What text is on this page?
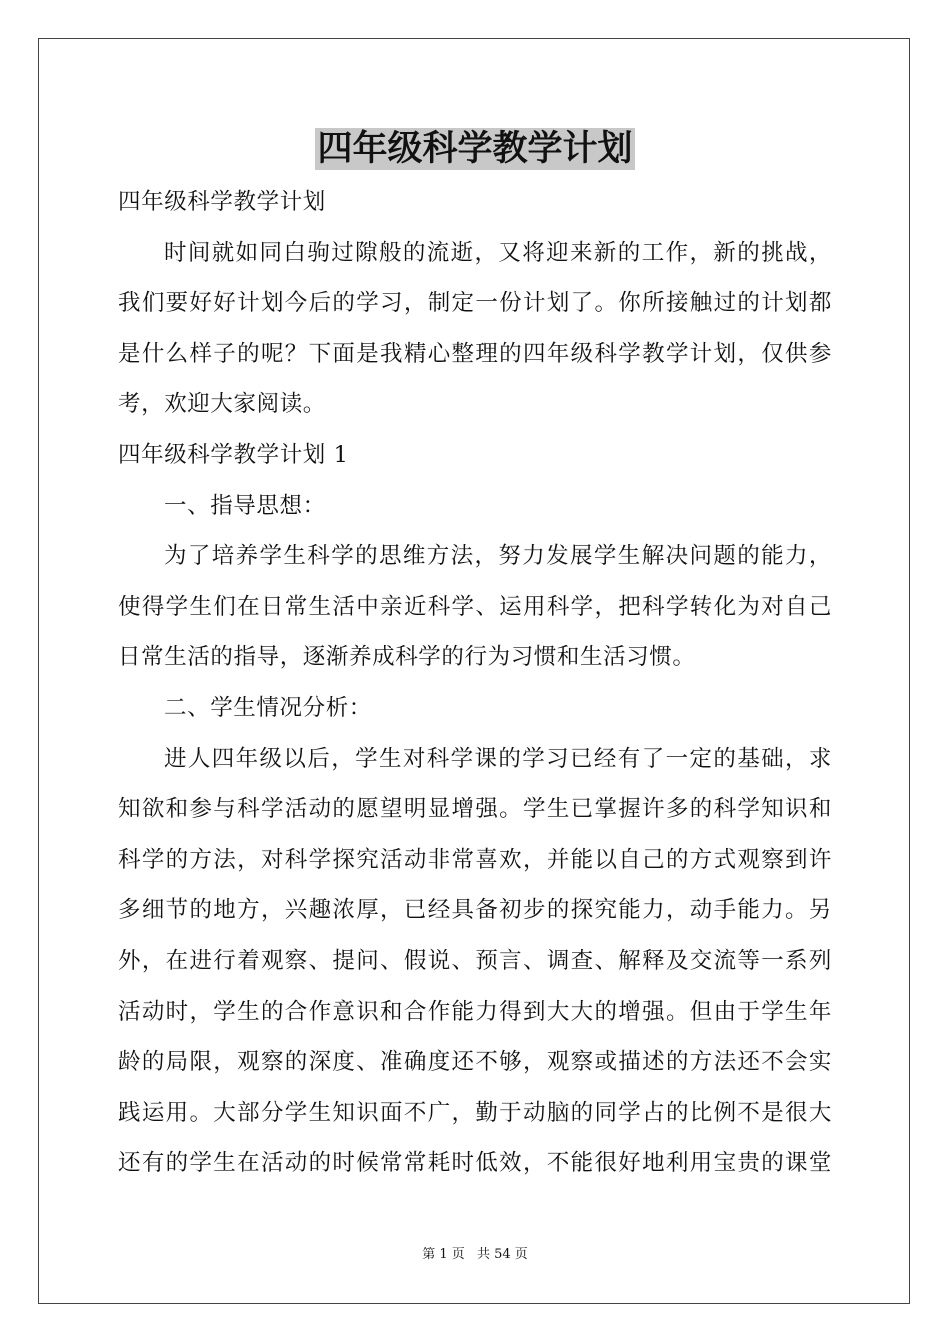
四年级科学教学计划
四年级科学教学计划
时间就如同白驹过隙般的流逝，又将迎来新的工作，新的挑战，
我们要好好计划今后的学习，制定一份计划了。你所接触过的计划都
是什么样子的呢？下面是我精心整理的四年级科学教学计划，仅供参
考，欢迎大家阅读。
四年级科学教学计划 1
一、指导思想：
为了培养学生科学的思维方法，努力发展学生解决问题的能力，
使得学生们在日常生活中亲近科学、运用科学，把科学转化为对自己
日常生活的指导，逐渐养成科学的行为习惯和生活习惯。
二、学生情况分析：
进人四年级以后，学生对科学课的学习已经有了一定的基础，求
知欲和参与科学活动的愿望明显增强。学生已掌握许多的科学知识和
科学的方法，对科学探究活动非常喜欢，并能以自己的方式观察到许
多细节的地方，兴趣浓厚，已经具备初步的探究能力，动手能力。另
外，在进行着观察、提问、假说、预言、调查、解释及交流等一系列
活动时，学生的合作意识和合作能力得到大大的增强。但由于学生年
龄的局限，观察的深度、准确度还不够，观察或描述的方法还不会实
践运用。大部分学生知识面不广，勤于动脑的同学占的比例不是很大
还有的学生在活动的时候常常耗时低效，不能很好地利用宝贵的课堂
第 1 页 共 54 页
